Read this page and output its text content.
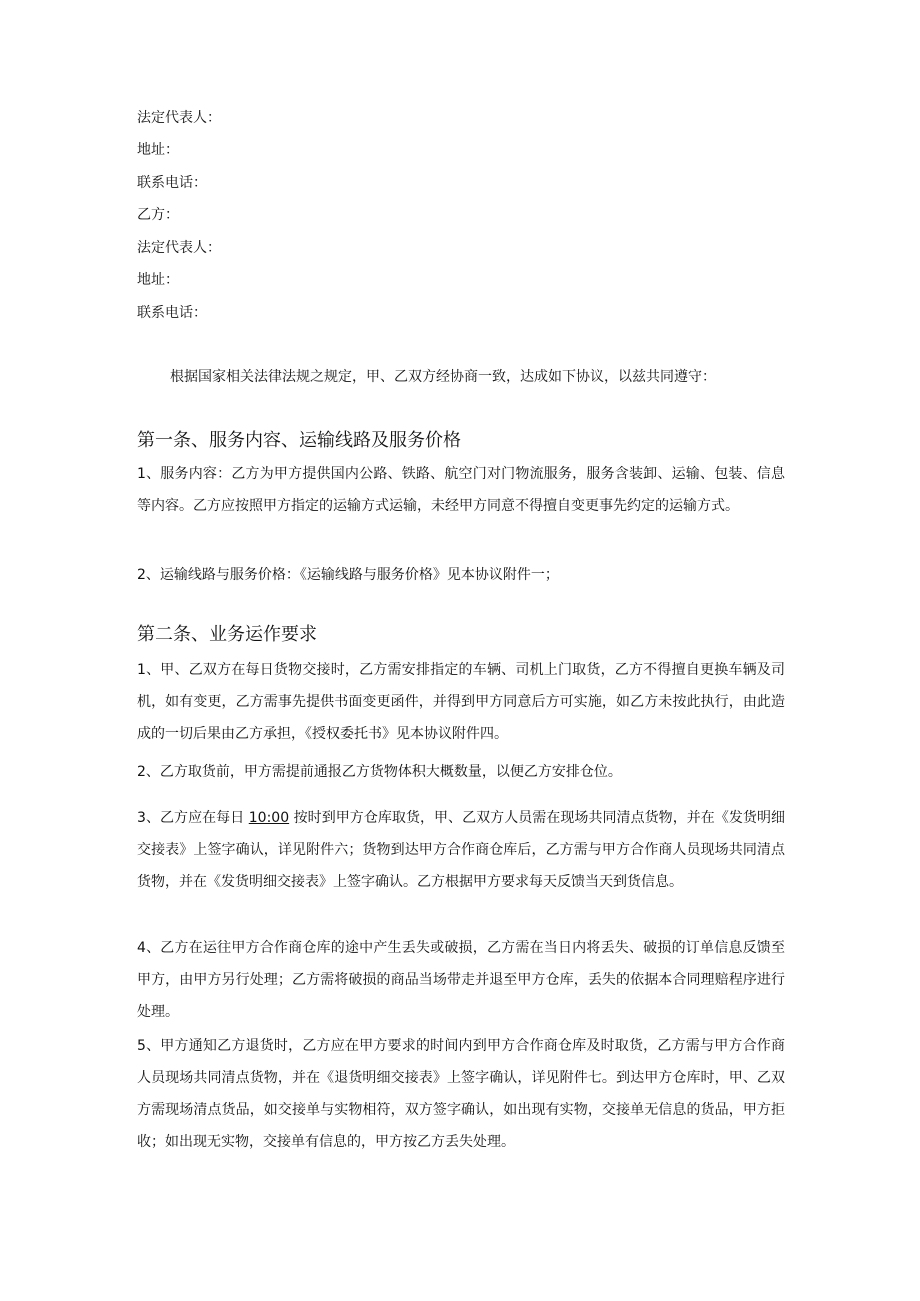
法定代表人：
地址：
联系电话：
乙方：
法定代表人：
地址：
联系电话：
根据国家相关法律法规之规定，甲、乙双方经协商一致，达成如下协议，以兹共同遵守：
第一条、服务内容、运输线路及服务价格
1、服务内容：乙方为甲方提供国内公路、铁路、航空门对门物流服务，服务含装卸、运输、包装、信息等内容。乙方应按照甲方指定的运输方式运输，未经甲方同意不得擅自变更事先约定的运输方式。
2、运输线路与服务价格：《运输线路与服务价格》见本协议附件一；
第二条、业务运作要求
1、甲、乙双方在每日货物交接时，乙方需安排指定的车辆、司机上门取货，乙方不得擅自更换车辆及司机，如有变更，乙方需事先提供书面变更函件，并得到甲方同意后方可实施，如乙方未按此执行，由此造成的一切后果由乙方承担，《授权委托书》见本协议附件四。
2、乙方取货前，甲方需提前通报乙方货物体积大概数量，以便乙方安排仓位。
3、乙方应在每日 10:00 按时到甲方仓库取货，甲、乙双方人员需在现场共同清点货物，并在《发货明细交接表》上签字确认，详见附件六；货物到达甲方合作商仓库后，乙方需与甲方合作商人员现场共同清点货物，并在《发货明细交接表》上签字确认。乙方根据甲方要求每天反馈当天到货信息。
4、乙方在运往甲方合作商仓库的途中产生丢失或破损，乙方需在当日内将丢失、破损的订单信息反馈至甲方，由甲方另行处理；乙方需将破损的商品当场带走并退至甲方仓库，丢失的依据本合同理赔程序进行处理。
5、甲方通知乙方退货时，乙方应在甲方要求的时间内到甲方合作商仓库及时取货，乙方需与甲方合作商人员现场共同清点货物，并在《退货明细交接表》上签字确认，详见附件七。到达甲方仓库时，甲、乙双方需现场清点货品，如交接单与实物相符，双方签字确认，如出现有实物，交接单无信息的货品，甲方拒收；如出现无实物，交接单有信息的，甲方按乙方丢失处理。
